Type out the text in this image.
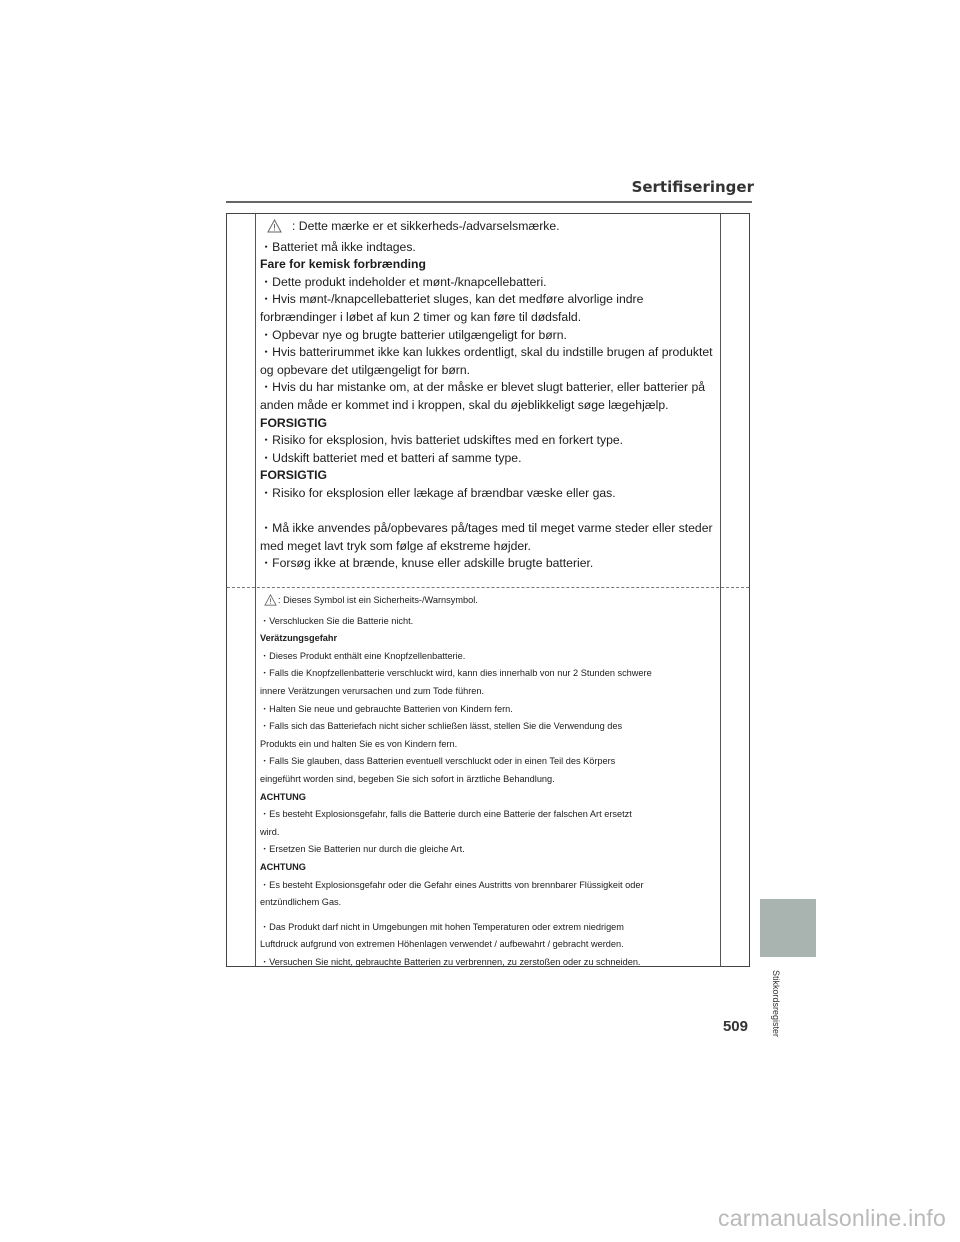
Sertifiseringer

: Dette mærke er et sikkerheds-/advarselsmærke.

・Batteriet må ikke indtages.

Fare for kemisk forbrænding

・Dette produkt indeholder et mønt-/knapcellebatteri.

・Hvis mønt-/knapcellebatteriet sluges, kan det medføre alvorlige indre

forbrændinger i løbet af kun 2 timer og kan føre til dødsfald.

・Opbevar nye og brugte batterier utilgængeligt for børn.

・Hvis batterirummet ikke kan lukkes ordentligt, skal du indstille brugen af produktet

og opbevare det utilgængeligt for børn.

・Hvis du har mistanke om, at der måske er blevet slugt batterier, eller batterier på

anden måde er kommet ind i kroppen, skal du øjeblikkeligt søge lægehjælp.

FORSIGTIG

・Risiko for eksplosion, hvis batteriet udskiftes med en forkert type.

・Udskift batteriet med et batteri af samme type.

FORSIGTIG

・Risiko for eksplosion eller lækage af brændbar væske eller gas.

・Må ikke anvendes på/opbevares på/tages med til meget varme steder eller steder

med meget lavt tryk som følge af ekstreme højder.

・Forsøg ikke at brænde, knuse eller adskille brugte batterier.

: Dieses Symbol ist ein Sicherheits-/Warnsymbol.

・Verschlucken Sie die Batterie nicht.

Verätzungsgefahr

・Dieses Produkt enthält eine Knopfzellenbatterie.

・Falls die Knopfzellenbatterie verschluckt wird, kann dies innerhalb von nur 2 Stunden schwere

innere Verätzungen verursachen und zum Tode führen.

・Halten Sie neue und gebrauchte Batterien von Kindern fern.

・Falls sich das Batteriefach nicht sicher schließen lässt, stellen Sie die Verwendung des

Produkts ein und halten Sie es von Kindern fern.

・Falls Sie glauben, dass Batterien eventuell verschluckt oder in einen Teil des Körpers

eingeführt worden sind, begeben Sie sich sofort in ärztliche Behandlung.

ACHTUNG

・Es besteht Explosionsgefahr, falls die Batterie durch eine Batterie der falschen Art ersetzt

wird.

・Ersetzen Sie Batterien nur durch die gleiche Art.

ACHTUNG

・Es besteht Explosionsgefahr oder die Gefahr eines Austritts von brennbarer Flüssigkeit oder

entzündlichem Gas.

・Das Produkt darf nicht in Umgebungen mit hohen Temperaturen oder extrem niedrigem

Luftdruck aufgrund von extremen Höhenlagen verwendet / aufbewahrt / gebracht werden.

・Versuchen Sie nicht, gebrauchte Batterien zu verbrennen, zu zerstoßen oder zu schneiden.

Stikkordsregister
509
carmanualsonline.info
